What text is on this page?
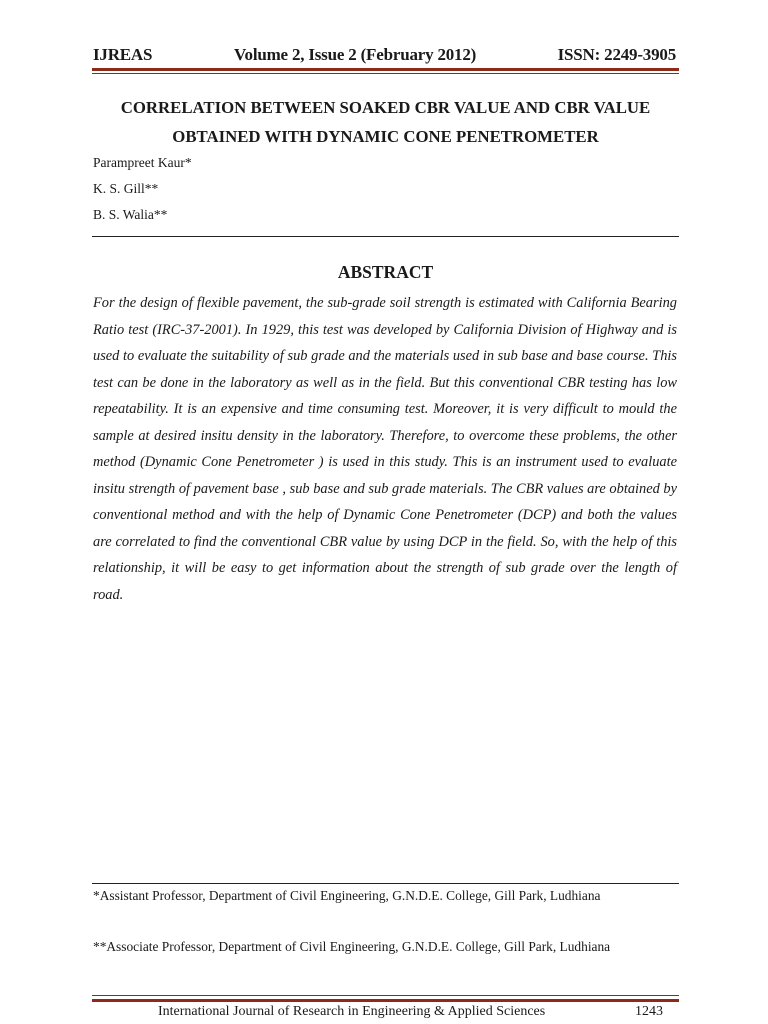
IJREAS	Volume 2, Issue 2 (February 2012)	ISSN: 2249-3905
CORRELATION BETWEEN SOAKED CBR VALUE AND CBR VALUE
OBTAINED WITH DYNAMIC CONE PENETROMETER
Parampreet Kaur*
K. S. Gill**
B. S. Walia**
ABSTRACT

For the design of flexible pavement, the sub-grade soil strength is estimated with California Bearing Ratio test (IRC-37-2001). In 1929, this test was developed by California Division of Highway and is used to evaluate the suitability of sub grade and the materials used in sub base and base course. This test can be done in the laboratory as well as in the field. But this conventional CBR testing has low repeatability. It is an expensive and time consuming test. Moreover, it is very difficult to mould the sample at desired insitu density in the laboratory. Therefore, to overcome these problems, the other method (Dynamic Cone Penetrometer ) is used in this study. This is an instrument used to evaluate insitu strength of pavement base , sub base and sub grade materials. The CBR values are obtained by conventional method and with the help of Dynamic Cone Penetrometer (DCP) and both the values are correlated to find the conventional CBR value by using DCP in the field. So, with the help of this relationship, it will be easy to get information about the strength of sub grade over the length of road.

*Assistant Professor, Department of Civil Engineering, G.N.D.E. College, Gill Park, Ludhiana

**Associate Professor, Department of Civil Engineering, G.N.D.E. College, Gill Park, Ludhiana

International Journal of Research in Engineering & Applied Sciences	1243
